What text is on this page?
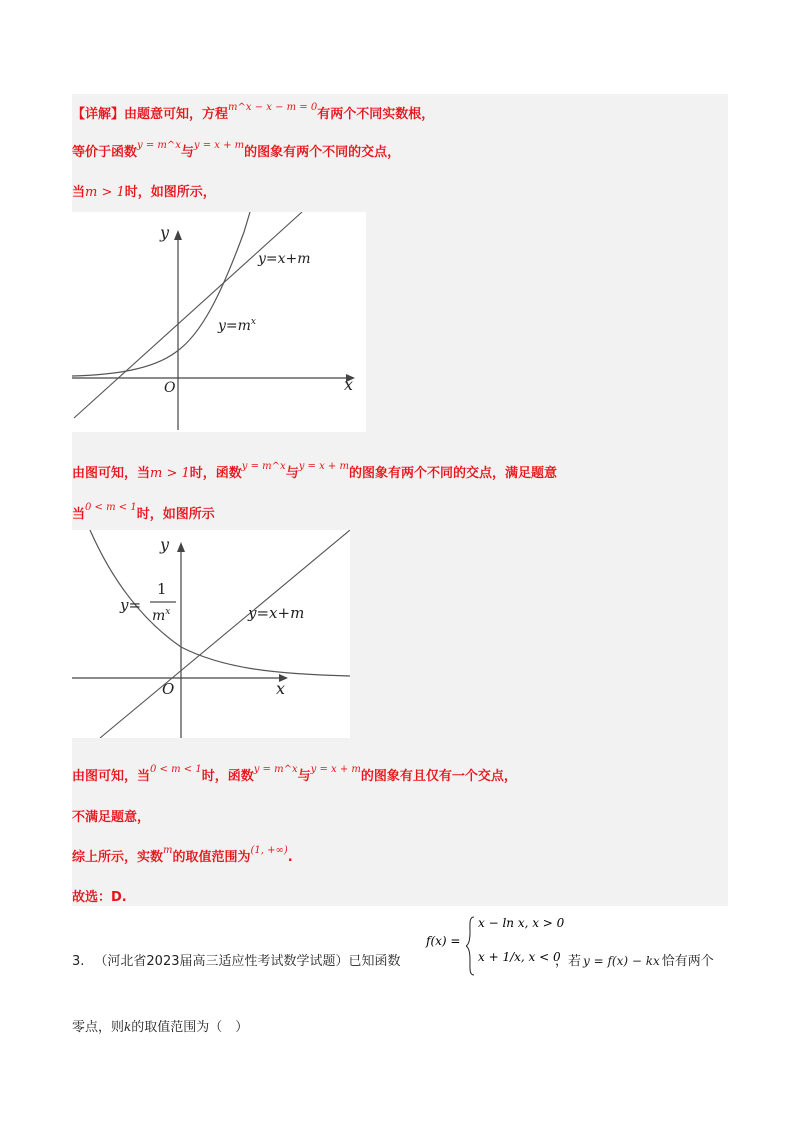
【详解】由题意可知，方程$^{m\^{}x - x - m = 0}$有两个不同实数根，
等价于函数$^{y = m\^{}x}$与$^{y = x + m}$的图象有两个不同的交点，
当m > 1时，如图所示，
y
x
O
y=x+m
$y=m^x$
由图可知，当m > 1时，函数$^{y = m\^{}x}$与$^{y = x + m}$的图象有两个不同的交点，满足题意
当$^{0 < m < 1}$时，如图所示
y
x
O
y=
1
$m^x$	y=x+m
由图可知，当$^{0 < m < 1}$时，函数$^{y = m\^{}x}$与$^{y = x + m}$的图象有且仅有一个交点，
不满足题意，
综上所示，实数$^m$的取值范围为$^{(1, +\infty)}$.
故选：D.
3. （河北省2023届高三适应性考试数学试题）已知函数
f(x) =
x − ln x, x > 0
x + 1/x, x < 0
，若 y = f(x) − kx 恰有两个
零点，则k的取值范围为（　）
